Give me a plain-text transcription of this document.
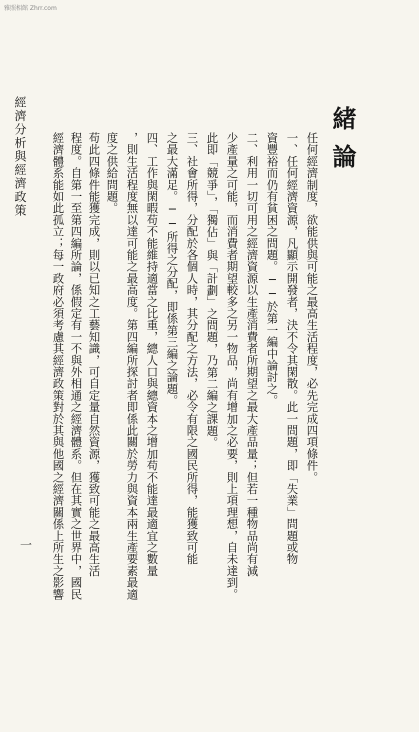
雅照相館 Zhrr.com
緒論
任何經濟制度，欲能供與可能之最高生活程度，必先完成四項條件。
一、任何經濟資源，凡顯示開發者，決不令其閑散。此一問題，即「失業」問題或物
資豐裕而仍有貧困之問題。──於第一編中論討之。
二、利用一切可用之經濟資源以生產消費者所期望之最大產品量；但若一種物品尚有減
少產量之可能，而消費者期望較多之另一物品，尚有增加之必要，則上項理想，自未達到。
此即「競爭」，「獨佔」與「計劃」之問題，乃第二編之課題。
三、社會所得，分配於各個人時，其分配之方法，必令有限之國民所得，能獲致可能
之最大滿足。──所得之分配，即係第三編之論題。
四、工作與閑暇苟不能維持適當之比重，總人口與總資本之增加苟不能達最適宜之數量
，則生活程度無以達可能之最高度。第四編所探討者即係此關於勞力與資本兩生產要素最適
度之供給問題。
苟此四條件能獲完成，則以已知之工藝知識，可自定量自然資源，獲致可能之最高生活
程度。自第一至第四編所論，係假定有一不與外相通之經濟體系。但在其實之世界中，國民
經濟體系能如此孤立；每一政府必須考慮其經濟政策對於其與他國之經濟關係上所生之影響
經濟分析與經濟政策
一
